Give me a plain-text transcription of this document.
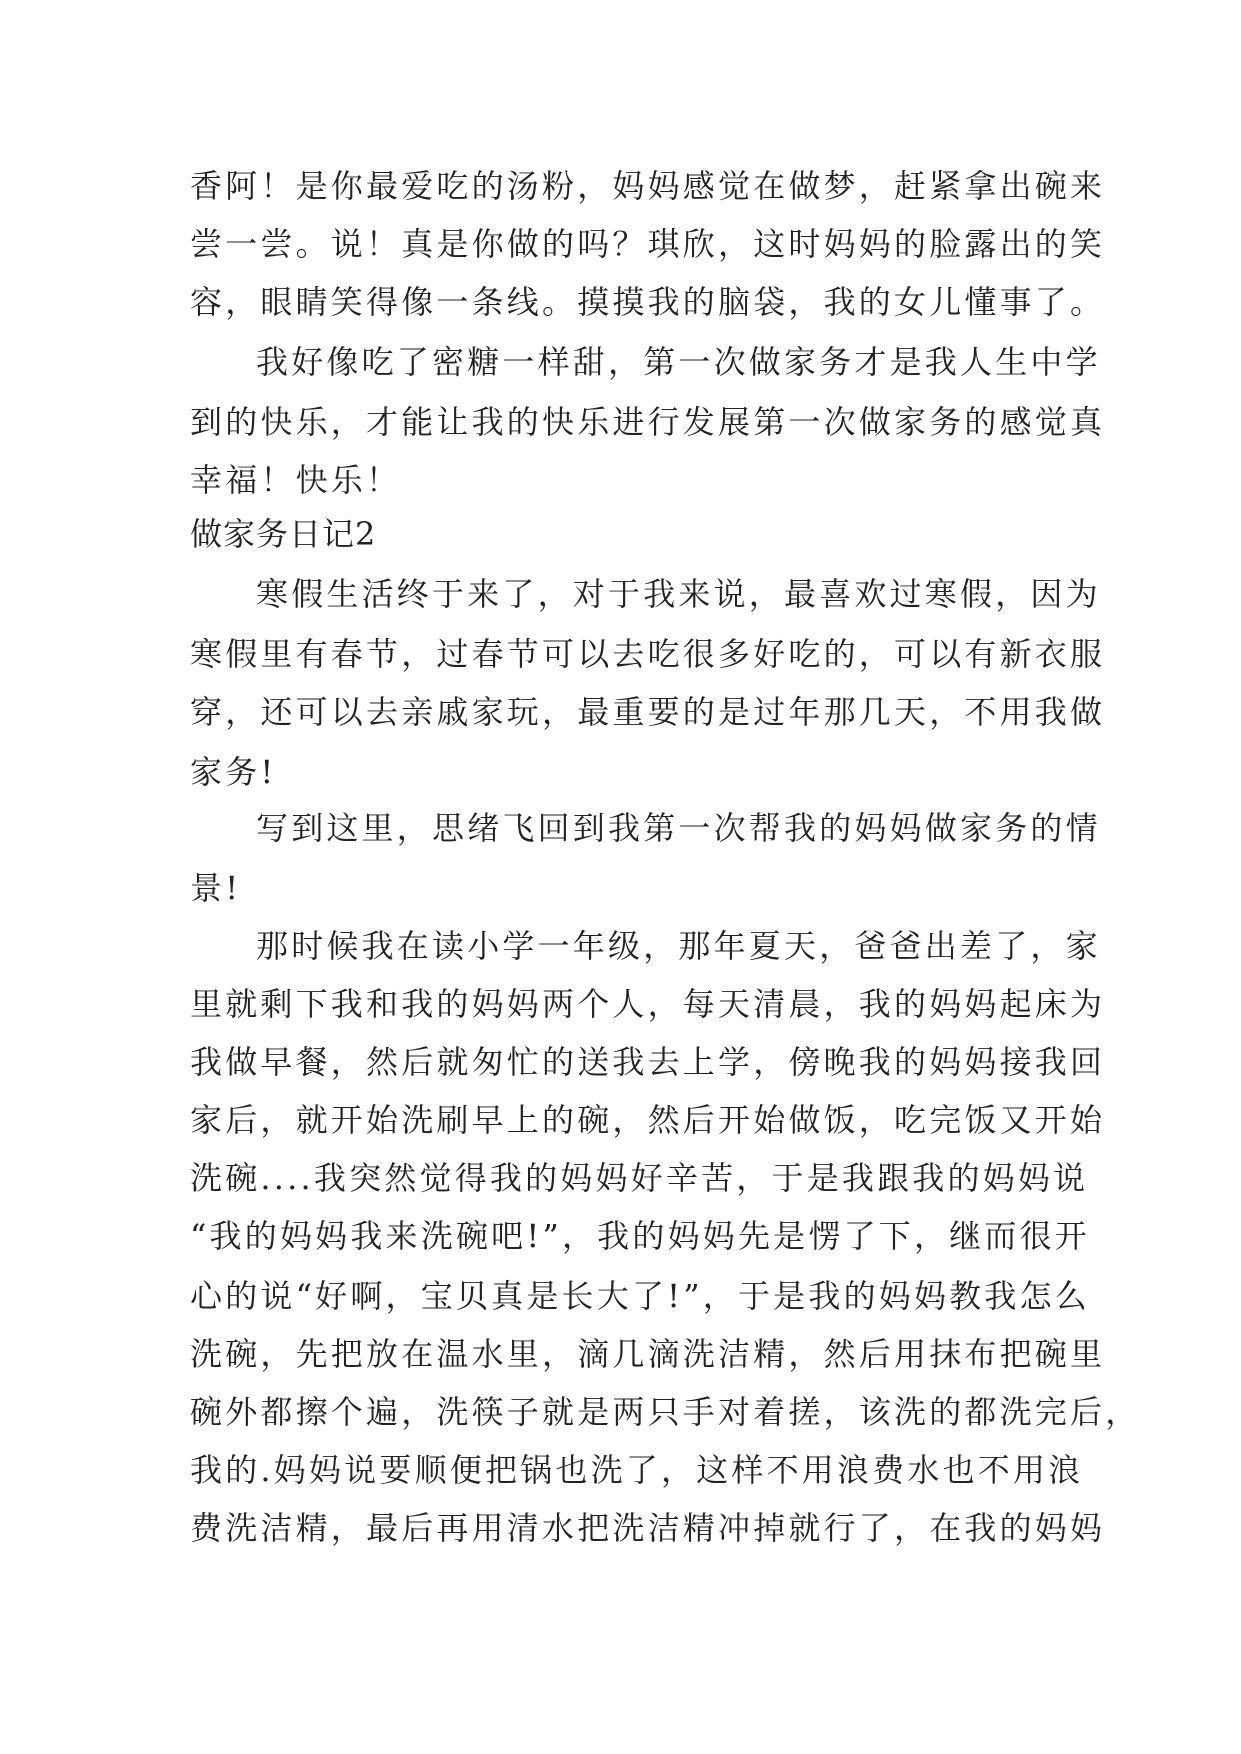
香阿！是你最爱吃的汤粉，妈妈感觉在做梦，赶紧拿出碗来
尝一尝。说！真是你做的吗？琪欣，这时妈妈的脸露出的笑
容，眼睛笑得像一条线。摸摸我的脑袋，我的女儿懂事了。
我好像吃了密糖一样甜，第一次做家务才是我人生中学
到的快乐，才能让我的快乐进行发展第一次做家务的感觉真
幸福！快乐！
做家务日记2
寒假生活终于来了，对于我来说，最喜欢过寒假，因为
寒假里有春节，过春节可以去吃很多好吃的，可以有新衣服
穿，还可以去亲戚家玩，最重要的是过年那几天，不用我做
家务!
写到这里，思绪飞回到我第一次帮我的妈妈做家务的情
景!
那时候我在读小学一年级，那年夏天，爸爸出差了，家
里就剩下我和我的妈妈两个人，每天清晨，我的妈妈起床为
我做早餐，然后就匆忙的送我去上学，傍晚我的妈妈接我回
家后，就开始洗刷早上的碗，然后开始做饭，吃完饭又开始
洗碗....我突然觉得我的妈妈好辛苦，于是我跟我的妈妈说
“我的妈妈我来洗碗吧!”，我的妈妈先是愣了下，继而很开
心的说“好啊，宝贝真是长大了!”，于是我的妈妈教我怎么
洗碗，先把放在温水里，滴几滴洗洁精，然后用抹布把碗里
碗外都擦个遍，洗筷子就是两只手对着搓，该洗的都洗完后，
我的.妈妈说要顺便把锅也洗了，这样不用浪费水也不用浪
费洗洁精，最后再用清水把洗洁精冲掉就行了，在我的妈妈
